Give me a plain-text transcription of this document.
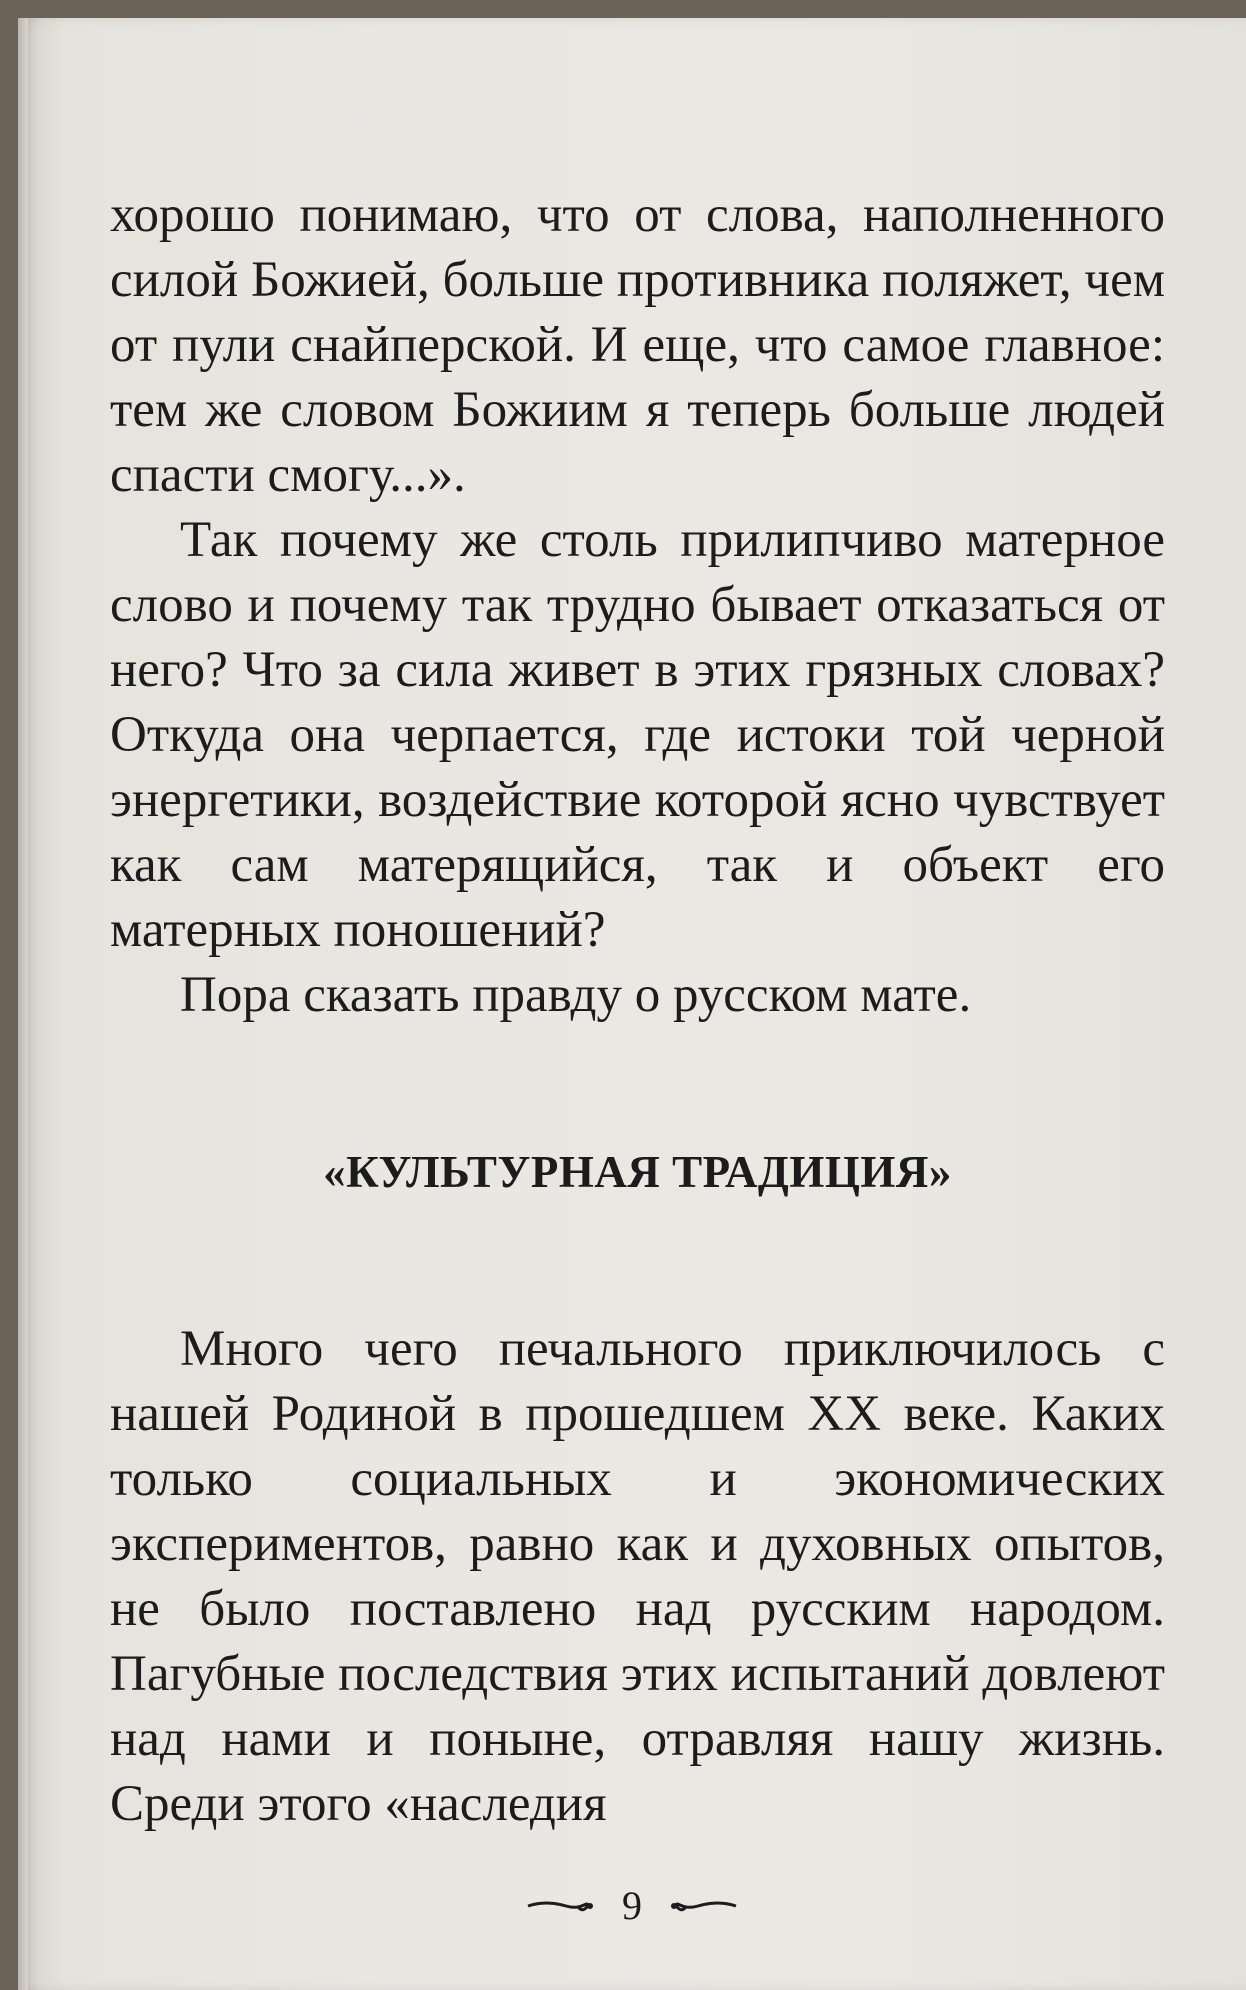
хорошо понимаю, что от слова, наполненного силой Божией, больше противника поляжет, чем от пули снайперской. И еще, что самое главное: тем же словом Божиим я теперь больше людей спасти смогу...».

Так почему же столь прилипчиво матерное слово и почему так трудно бывает отказаться от него? Что за сила живет в этих грязных словах? Откуда она черпается, где истоки той черной энергетики, воздействие которой ясно чувствует как сам матерящийся, так и объект его матерных поношений?

Пора сказать правду о русском мате.

«КУЛЬТУРНАЯ ТРАДИЦИЯ»

Много чего печального приключилось с нашей Родиной в прошедшем XX веке. Каких только социальных и экономических экспериментов, равно как и духовных опытов, не было поставлено над русским народом. Пагубные последствия этих испытаний довлеют над нами и поныне, отравляя нашу жизнь. Среди этого «наследия

9
